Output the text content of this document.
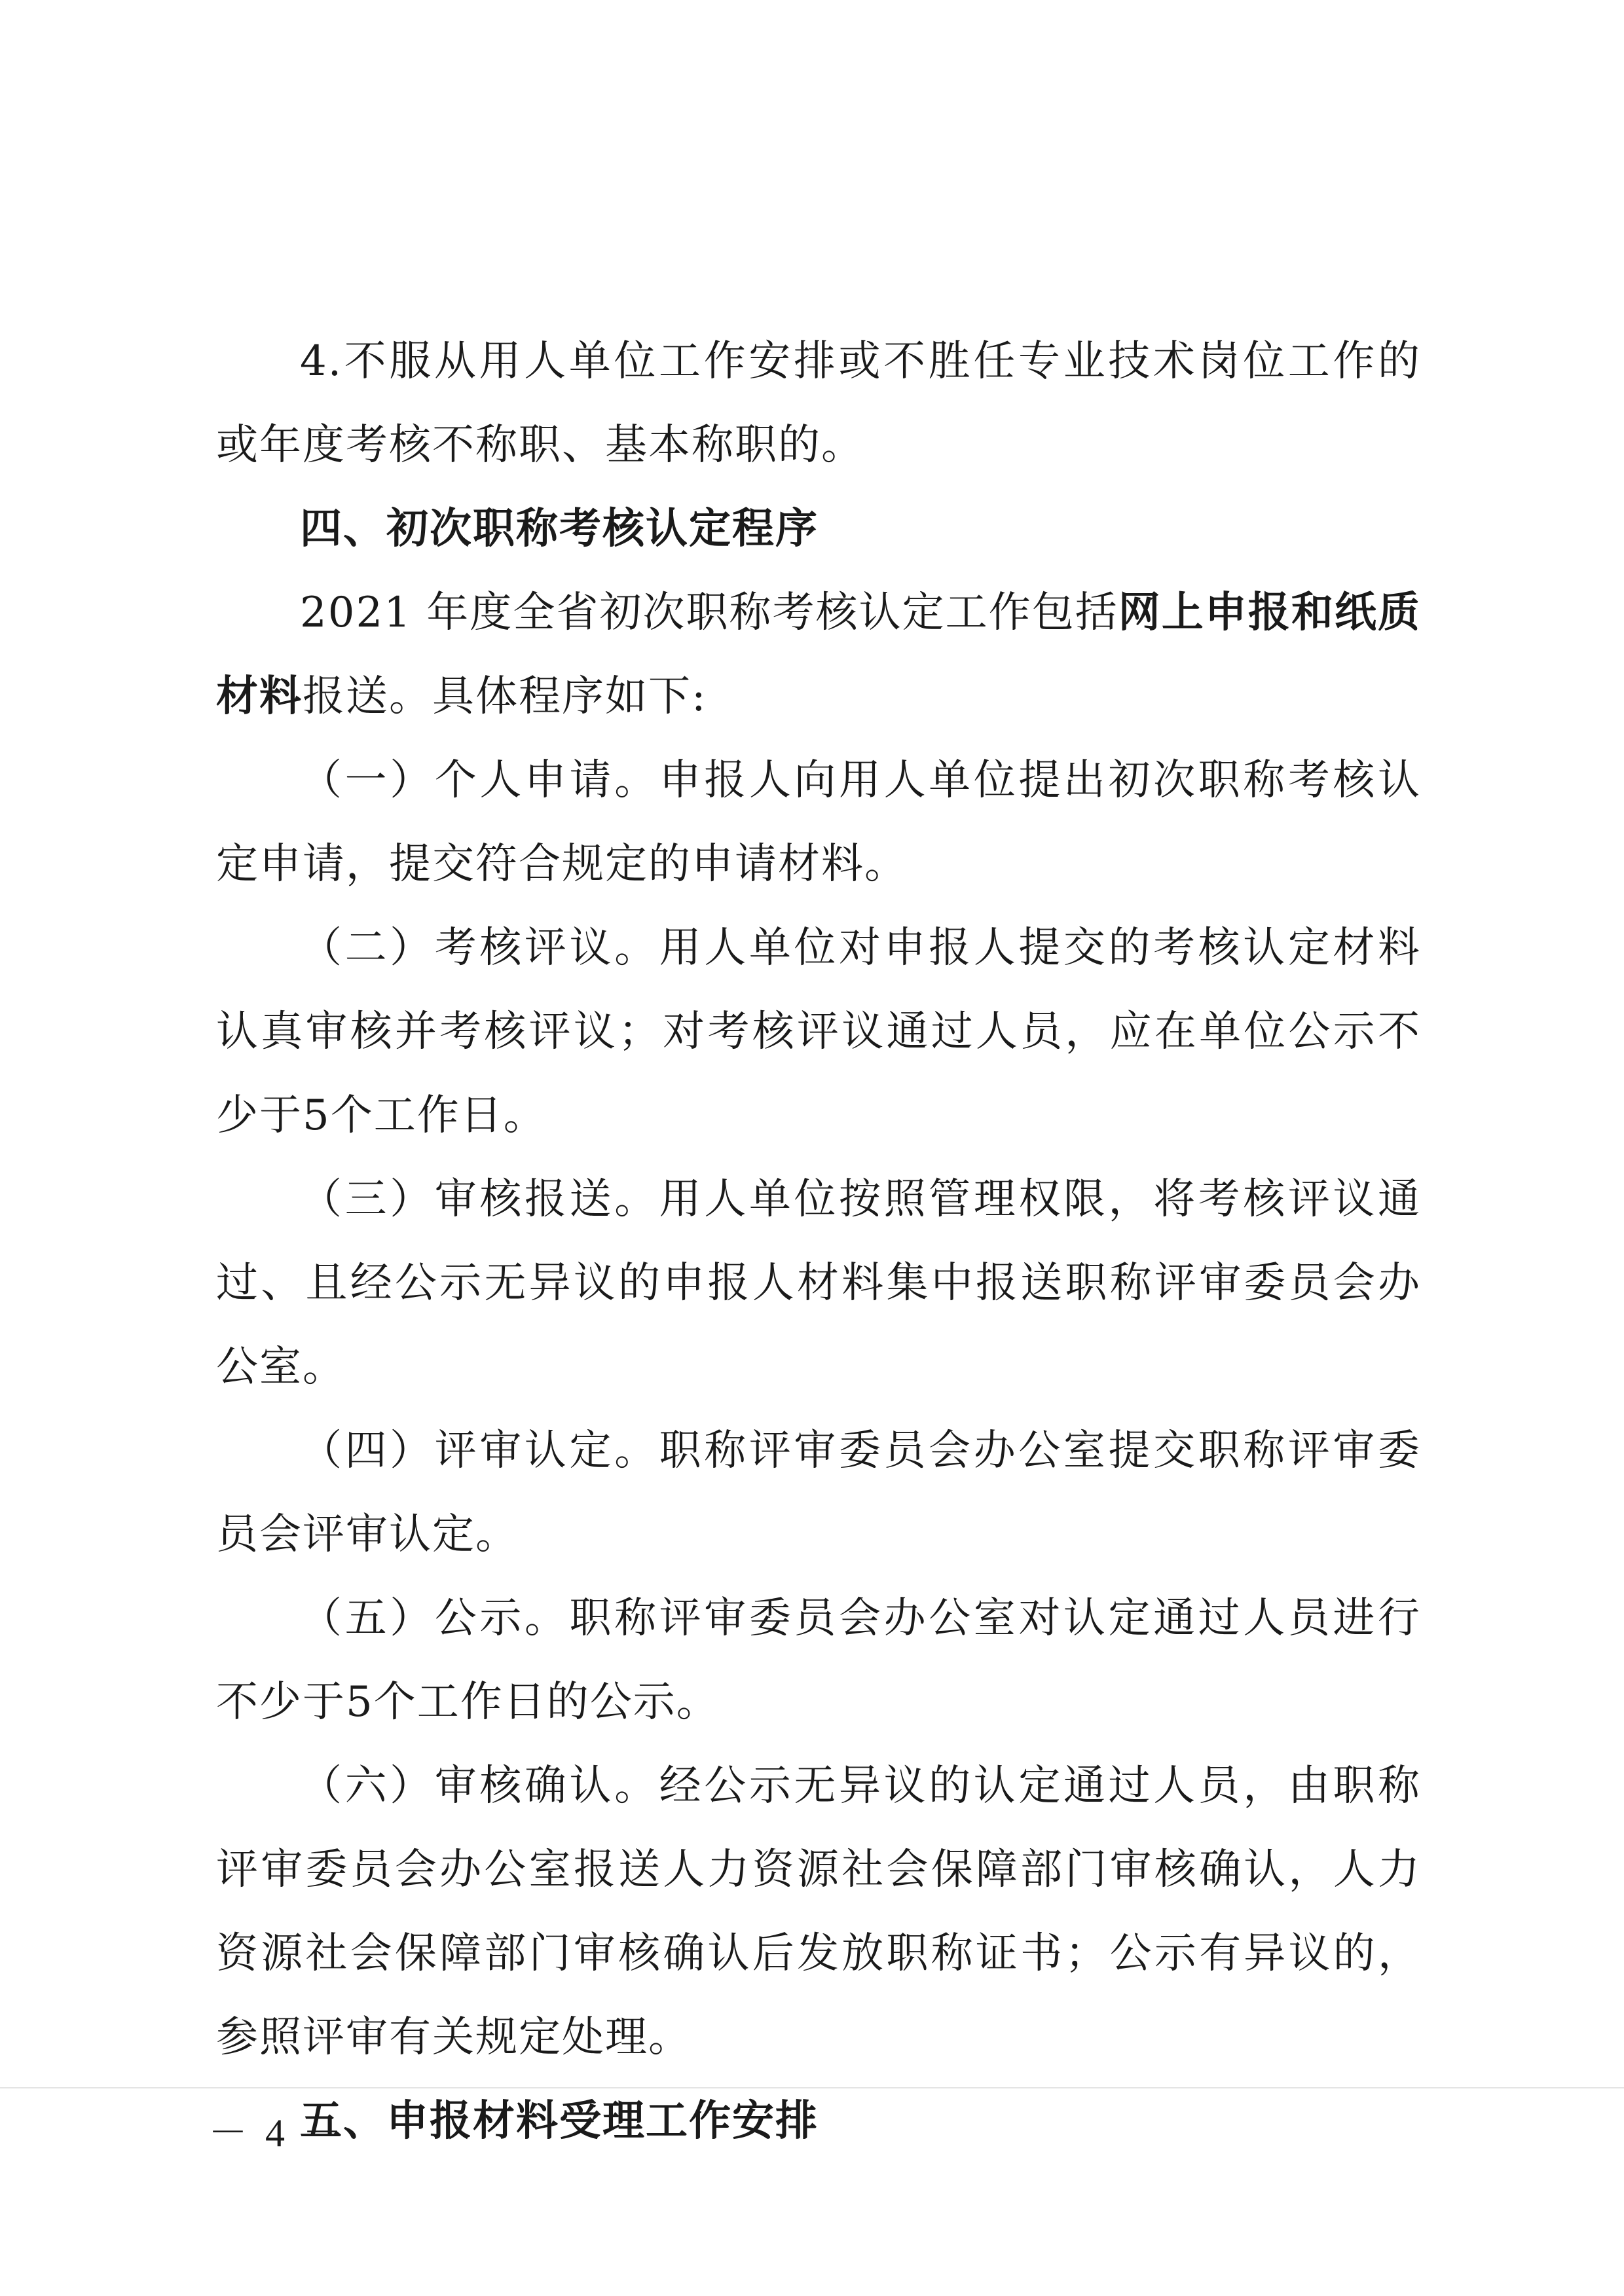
4.不服从用人单位工作安排或不胜任专业技术岗位工作的或年度考核不称职、基本称职的。

四、初次职称考核认定程序

2021 年度全省初次职称考核认定工作包括网上申报和纸质材料报送。具体程序如下:

（一）个人申请。申报人向用人单位提出初次职称考核认定申请，提交符合规定的申请材料。

（二）考核评议。用人单位对申报人提交的考核认定材料认真审核并考核评议；对考核评议通过人员，应在单位公示不少于5个工作日。

（三）审核报送。用人单位按照管理权限，将考核评议通过、且经公示无异议的申报人材料集中报送职称评审委员会办公室。

（四）评审认定。职称评审委员会办公室提交职称评审委员会评审认定。

（五）公示。职称评审委员会办公室对认定通过人员进行不少于5个工作日的公示。

（六）审核确认。经公示无异议的认定通过人员，由职称评审委员会办公室报送人力资源社会保障部门审核确认，人力资源社会保障部门审核确认后发放职称证书；公示有异议的，参照评审有关规定处理。

五、申报材料受理工作安排

－ 4 －
